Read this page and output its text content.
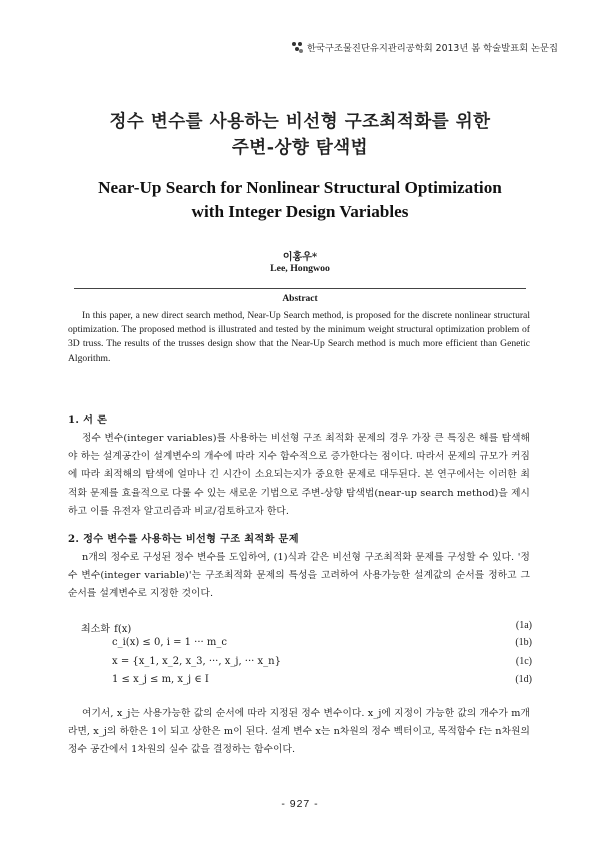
한국구조물진단유지관리공학회 2013년 봄 학술발표회 논문집
정수 변수를 사용하는 비선형 구조최적화를 위한
주변-상향 탐색법
Near-Up Search for Nonlinear Structural Optimization
with Integer Design Variables
이홍우*
Lee, Hongwoo
Abstract
In this paper, a new direct search method, Near-Up Search method, is proposed for the discrete nonlinear structural optimization. The proposed method is illustrated and tested by the minimum weight structural optimization problem of 3D truss. The results of the trusses design show that the Near-Up Search method is much more efficient than Genetic Algorithm.
1. 서 론
정수 변수(integer variables)를 사용하는 비선형 구조 최적화 문제의 경우 가장 큰 특징은 해를 탐색해야 하는 설계공간이 설계변수의 개수에 따라 지수 함수적으로 증가한다는 점이다. 따라서 문제의 규모가 커짐에 따라 최적해의 탐색에 얼마나 긴 시간이 소요되는지가 중요한 문제로 대두된다. 본 연구에서는 이러한 최적화 문제를 효율적으로 다룰 수 있는 새로운 기법으로 주변-상향 탐색법(near-up search method)을 제시하고 이를 유전자 알고리즘과 비교/검토하고자 한다.
2. 정수 변수를 사용하는 비선형 구조 최적화 문제
n개의 정수로 구성된 정수 변수를 도입하여, (1)식과 같은 비선형 구조최적화 문제를 구성할 수 있다. '정수 변수(integer variable)'는 구조최적화 문제의 특성을 고려하여 사용가능한 설계값의 순서를 정하고 그 순서를 설계변수로 지정한 것이다.
최소화 f(x)	(1a)
c_i(x) ≤ 0, i = 1 ··· m_c	(1b)
x = {x_1, x_2, x_3, ···, x_j, ··· x_n}	(1c)
1 ≤ x_j ≤ m, x_j ∈ I	(1d)
여기서, x_j는 사용가능한 값의 순서에 따라 지정된 정수 변수이다. x_j에 지정이 가능한 값의 개수가 m개라면, x_j의 하한은 1이 되고 상한은 m이 된다. 설계 변수 x는 n차원의 정수 벡터이고, 목적함수 f는 n차원의 정수 공간에서 1차원의 실수 값을 결정하는 함수이다.
- 927 -
